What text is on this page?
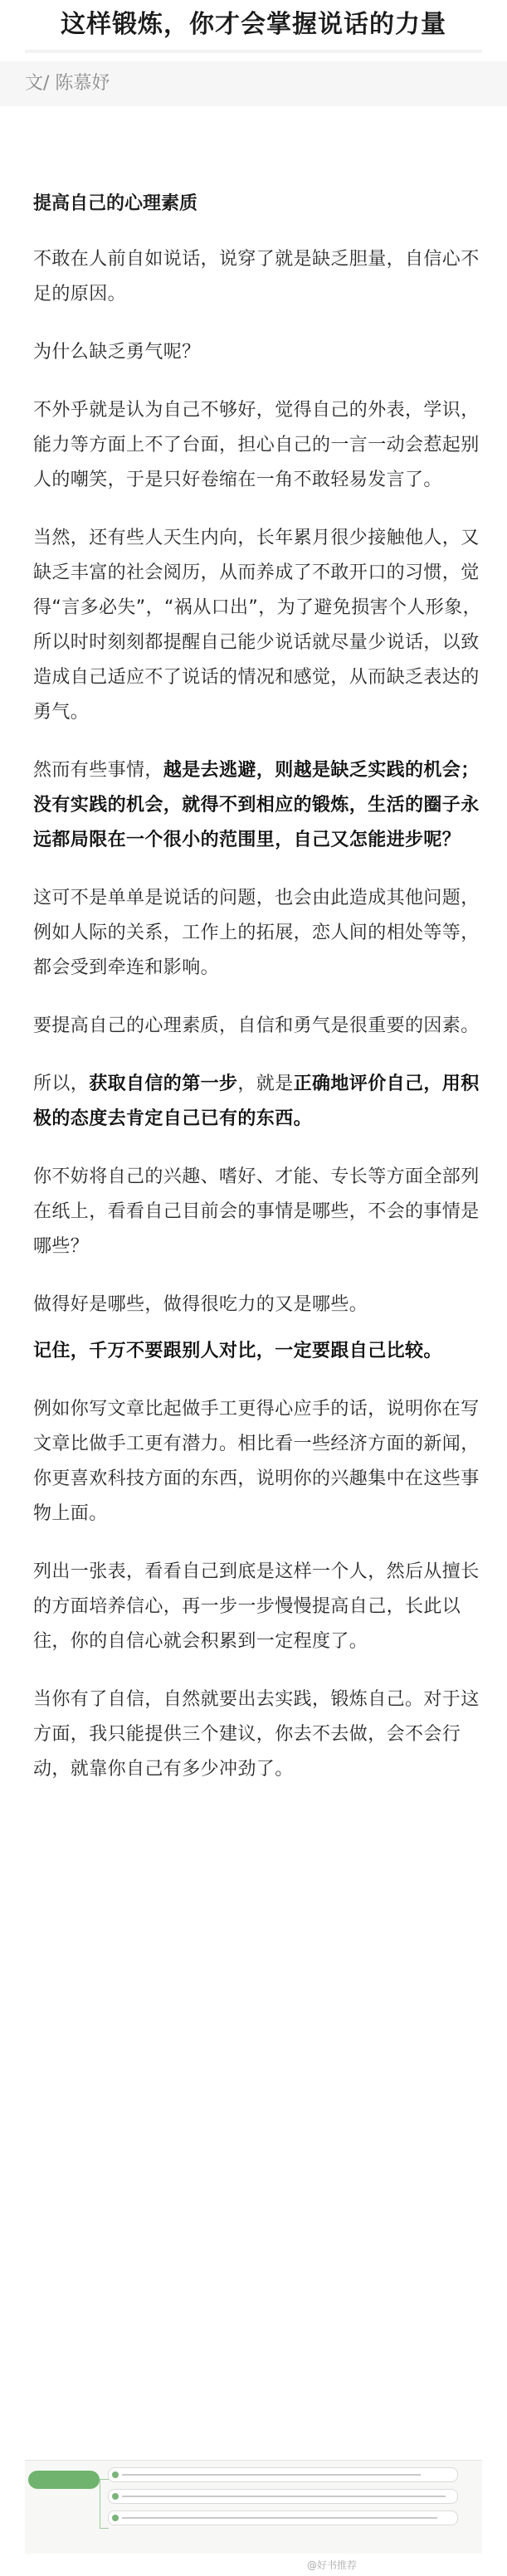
这样锻炼，你才会掌握说话的力量
文/ 陈慕妤
提高自己的心理素质

不敢在人前自如说话，说穿了就是缺乏胆量，自信心不足的原因。

为什么缺乏勇气呢？

不外乎就是认为自己不够好，觉得自己的外表，学识，能力等方面上不了台面，担心自己的一言一动会惹起别人的嘲笑，于是只好卷缩在一角不敢轻易发言了。

当然，还有些人天生内向，长年累月很少接触他人，又缺乏丰富的社会阅历，从而养成了不敢开口的习惯，觉得“言多必失”，“祸从口出”，为了避免损害个人形象，所以时时刻刻都提醒自己能少说话就尽量少说话，以致造成自己适应不了说话的情况和感觉，从而缺乏表达的勇气。

然而有些事情，越是去逃避，则越是缺乏实践的机会；没有实践的机会，就得不到相应的锻炼，生活的圈子永远都局限在一个很小的范围里，自己又怎能进步呢？

这可不是单单是说话的问题，也会由此造成其他问题，例如人际的关系，工作上的拓展，恋人间的相处等等，都会受到牵连和影响。

要提高自己的心理素质，自信和勇气是很重要的因素。

所以，获取自信的第一步，就是正确地评价自己，用积极的态度去肯定自己已有的东西。

你不妨将自己的兴趣、嗜好、才能、专长等方面全部列在纸上，看看自己目前会的事情是哪些，不会的事情是哪些？

做得好是哪些，做得很吃力的又是哪些。

记住，千万不要跟别人对比，一定要跟自己比较。

例如你写文章比起做手工更得心应手的话，说明你在写文章比做手工更有潜力。相比看一些经济方面的新闻，你更喜欢科技方面的东西，说明你的兴趣集中在这些事物上面。

列出一张表，看看自己到底是这样一个人，然后从擅长的方面培养信心，再一步一步慢慢提高自己，长此以往，你的自信心就会积累到一定程度了。

当你有了自信，自然就要出去实践，锻炼自己。对于这方面，我只能提供三个建议，你去不去做，会不会行动，就靠你自己有多少冲劲了。

@好书推荐
